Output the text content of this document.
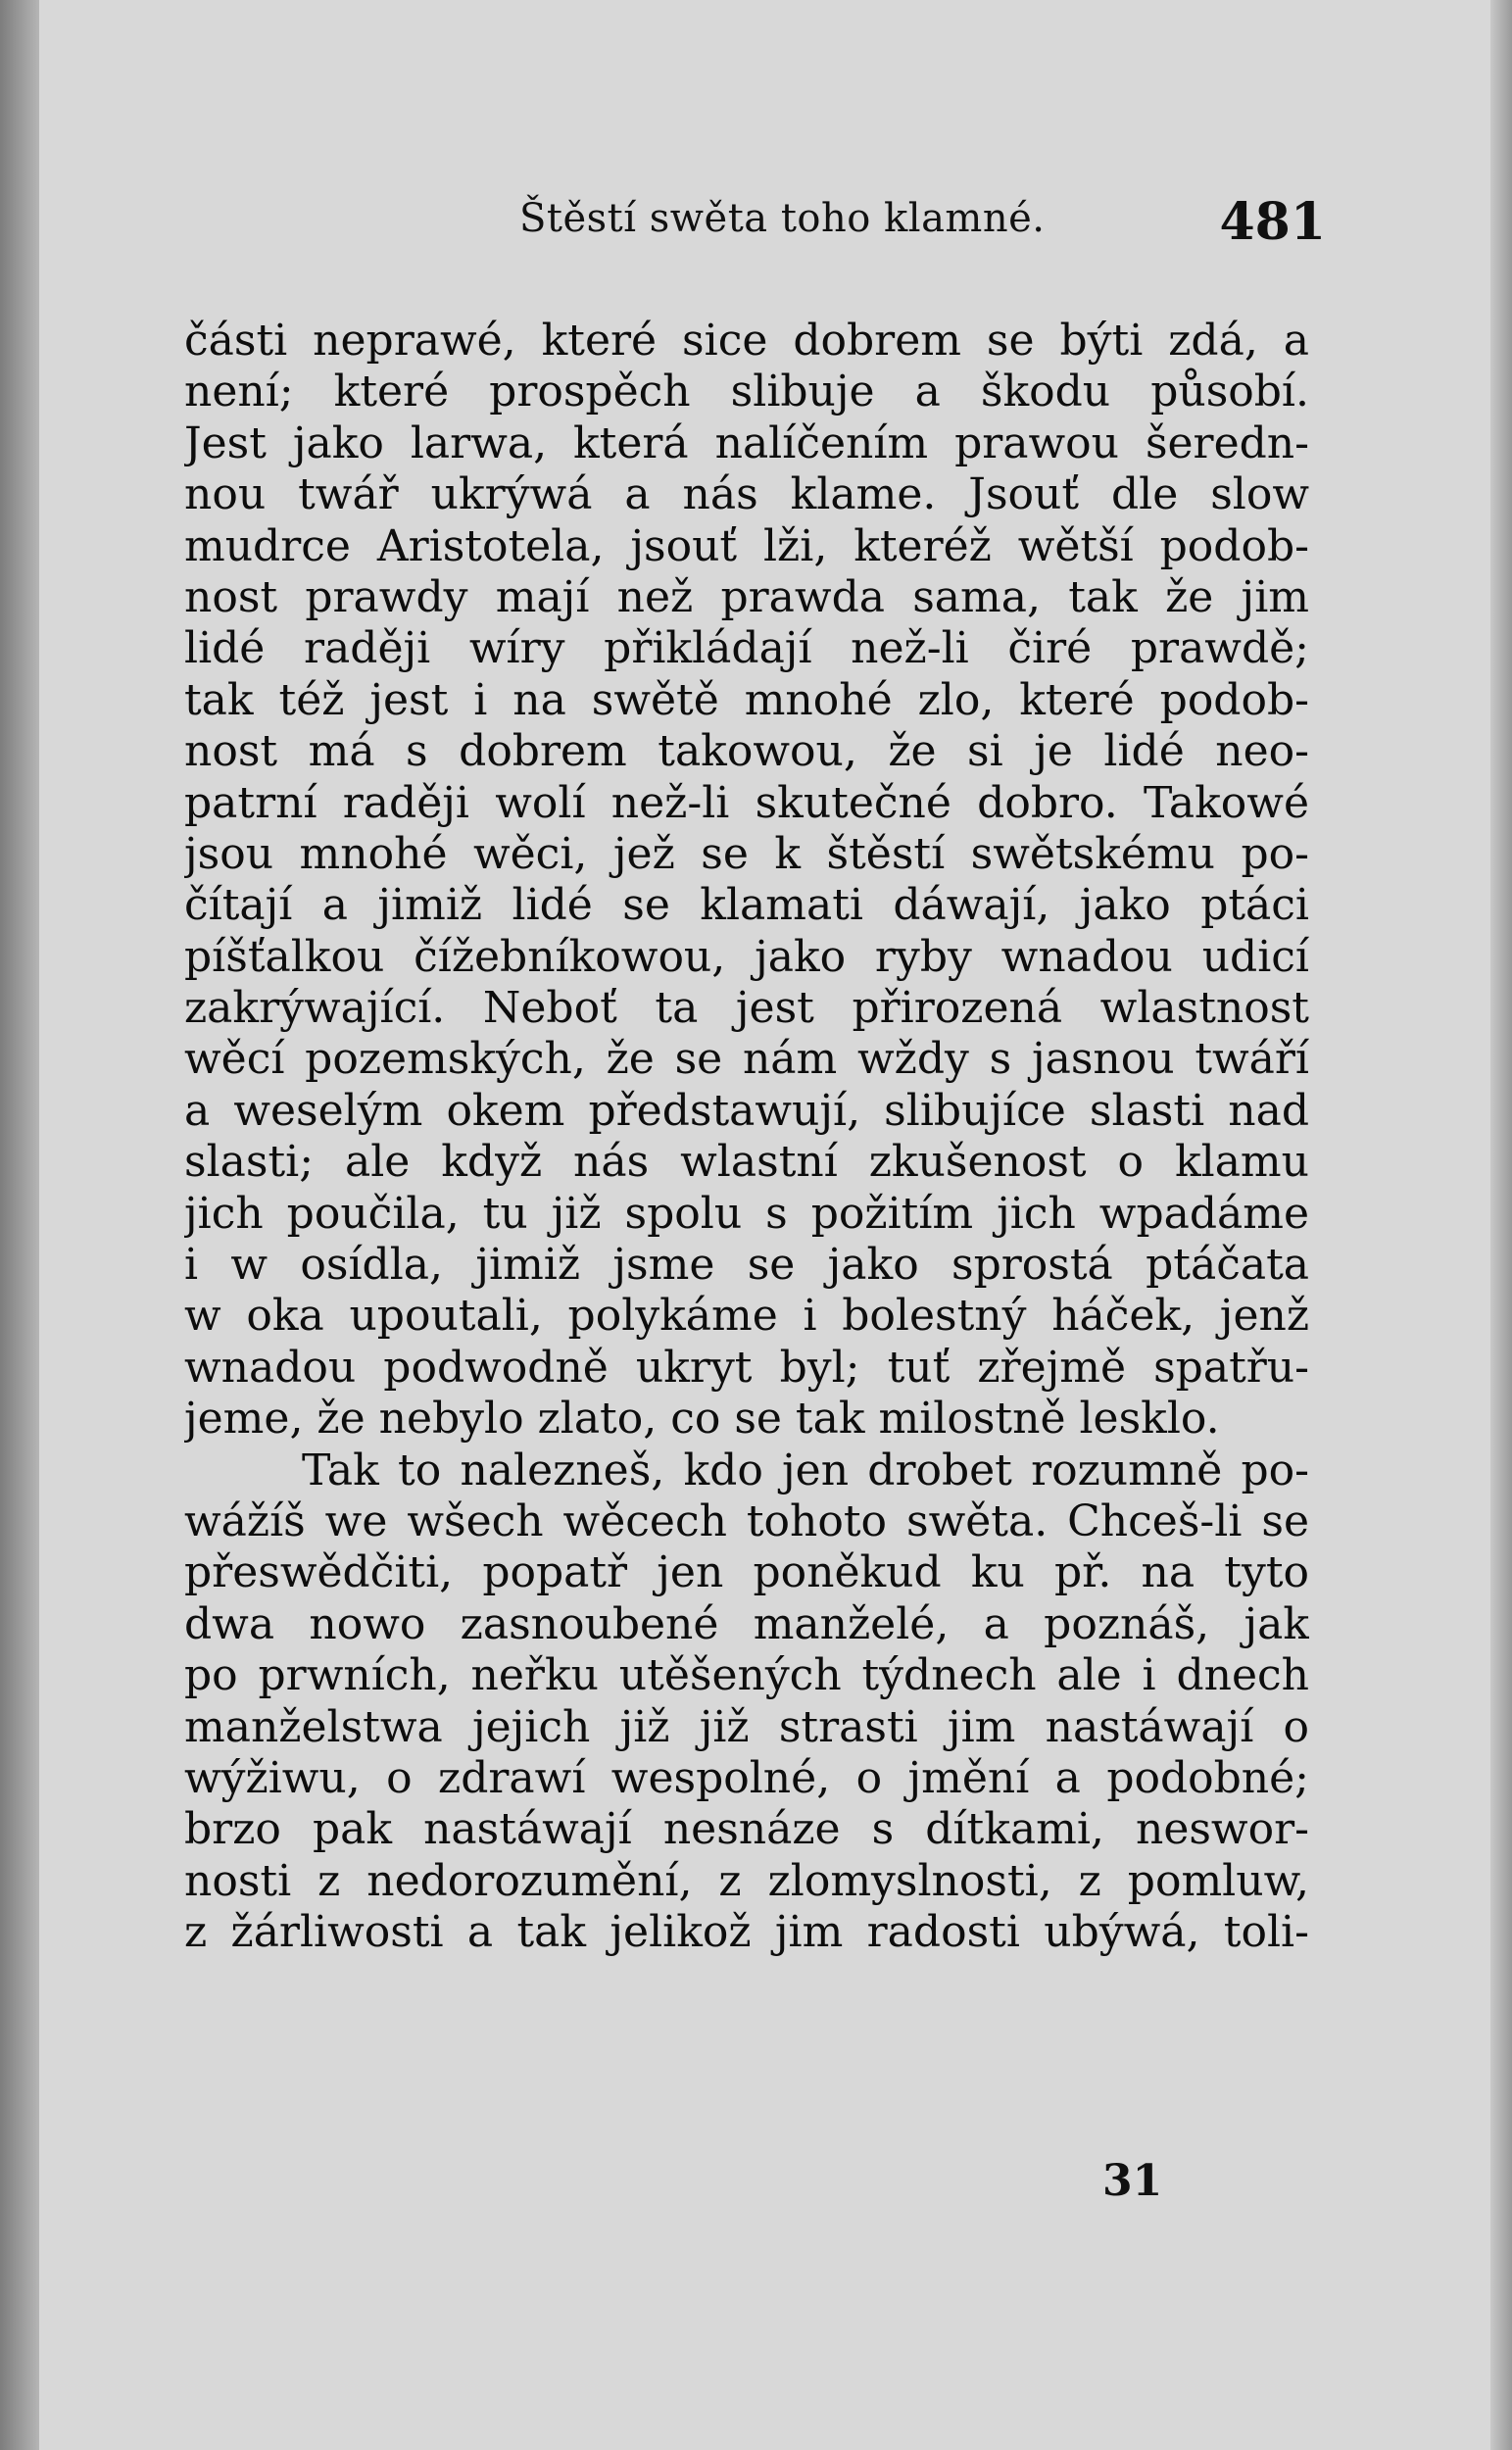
Štěstí swěta toho klamné.	481
části neprawé, které sice dobrem se býti zdá, a
není; které prospěch slibuje a škodu působí.
Jest jako larwa, která nalíčením prawou šeredn-
nou twář ukrýwá a nás klame. Jsouť dle slow
mudrce Aristotela, jsouť lži, kteréž wětší podob-
nost prawdy mají než prawda sama, tak že jim
lidé raději wíry přikládají než-li čiré prawdě;
tak též jest i na swětě mnohé zlo, které podob-
nost má s dobrem takowou, že si je lidé neo-
patrní raději wolí než-li skutečné dobro. Takowé
jsou mnohé wěci, jež se k štěstí swětskému po-
čítají a jimiž lidé se klamati dáwají, jako ptáci
píšťalkou čížebníkowou, jako ryby wnadou udicí
zakrýwající. Neboť ta jest přirozená wlastnost
wěcí pozemských, že se nám wždy s jasnou twáří
a weselým okem předstawují, slibujíce slasti nad
slasti; ale když nás wlastní zkušenost o klamu
jich poučila, tu již spolu s požitím jich wpadáme
i w osídla, jimiž jsme se jako sprostá ptáčata
w oka upoutali, polykáme i bolestný háček, jenž
wnadou podwodně ukryt byl; tuť zřejmě spatřu-
jeme, že nebylo zlato, co se tak milostně lesklo.
Tak to nalezneš, kdo jen drobet rozumně po-
wážíš we wšech wěcech tohoto swěta. Chceš-li se
přeswědčiti, popatř jen poněkud ku př. na tyto
dwa nowo zasnoubené manželé, a poznáš, jak
po prwních, neřku utěšených týdnech ale i dnech
manželstwa jejich již již strasti jim nastáwají o
wýžiwu, o zdrawí wespolné, o jmění a podobné;
brzo pak nastáwají nesnáze s dítkami, neswor-
nosti z nedorozumění, z zlomyslnosti, z pomluw,
z žárliwosti a tak jelikož jim radosti ubýwá, toli-
31
